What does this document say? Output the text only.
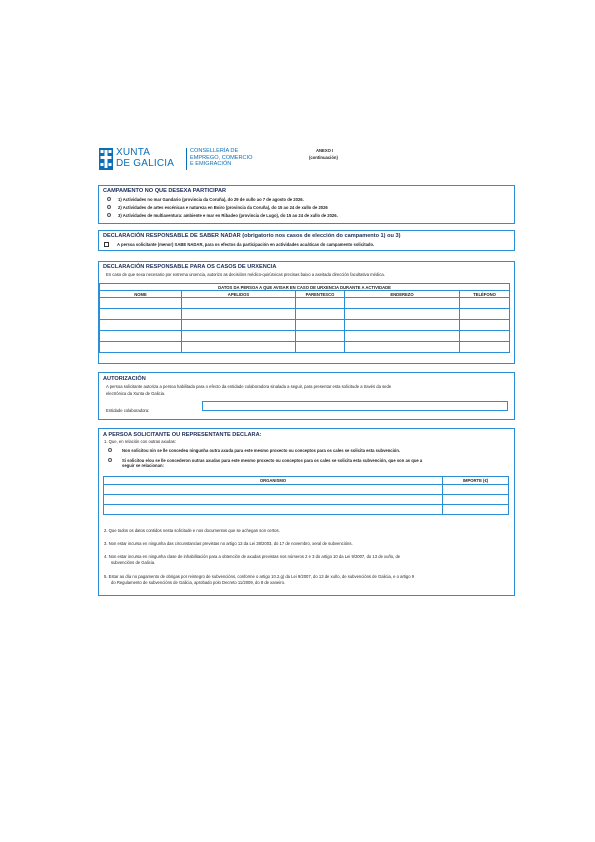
XUNTA
DE GALICIA
CONSELLERÍA DE
EMPREGO, COMERCIO
E EMIGRACIÓN
ANEXO I
(continuación)
CAMPAMENTO NO QUE DESEXA PARTICIPAR
1) Actividades no mar Gandario (provincia da Coruña), do 29 de xullo ao 7 de agosto de 2026.
2) Actividades de artes escénicas e natureza en Boiro (provincia da Coruña), do 15 ao 24 de xullo de 2026
3) Actividades de multiaventura: ambiente e mar en Ribadeo (provincia de Lugo), do 15 ao 24 de xullo de 2026.
DECLARACIÓN RESPONSABLE DE SABER NADAR (obrigatorio nos casos de elección do campamento 1) ou 3)
A persoa solicitante (menor) SABE NADAR, para os efectos da participación en actividades acuáticas do campamento solicitado.
DECLARACIÓN RESPONSABLE PARA OS CASOS DE URXENCIA
En caso de que sexa necesario por extrema urxencia, autorizo as decisións médico-quirúrxicas precisas baixo a axeitada dirección facultativa médica.
DATOS DA PERSOA A QUE AVISAR EN CASO DE URXENCIA DURANTE A ACTIVIDADE				
NOME	APELIDOS	PARENTESCO	ENDEREZO	TELÉFONO

AUTORIZACIÓN
A persoa solicitante autoriza a persoa habilitada para o efecto da entidade colaboradora sinalada a seguir, para presentar esta solicitude a través da sede
electrónica da Xunta de Galicia.
Entidade colaboradora:
A PERSOA SOLICITANTE OU REPRESENTANTE DECLARA:
1. Que, en relación con outras axudas:
Non solicitou nin se lle concedeu ningunha outra axuda para este mesmo proxecto ou conceptos para os cales se solicita esta subvención.
Si solicitou e/ou se lle concederon outras axudas para este mesmo proxecto ou conceptos para os cales se solicita esta subvención, que son as que a
seguir se relacionan:
ORGANISMO	IMPORTE (€)

2. Que todos os datos contidos nesta solicitude e nos documentos que se achegan son certos.
3. Non estar incursa en ningunha das circunstancias previstas no artigo 13 da Lei 38/2003, do 17 de novembro, xeral de subvencións.
4. Non estar incursa en ningunha clase de inhabilitación para a obtención de axudas previstas nos números 2 e 3 do artigo 10 da Lei 9/2007, do 13 de xuño, de
subvencións de Galicia.
5. Estar ao día no pagamento de obrigas por reintegro de subvencións, conforme o artigo 10.2.g) da Lei 9/2007, do 13 de xuño, de subvencións de Galicia, e o artigo 9
do Regulamento de subvencións de Galicia, aprobado polo Decreto 11/2009, do 8 de xaneiro.
